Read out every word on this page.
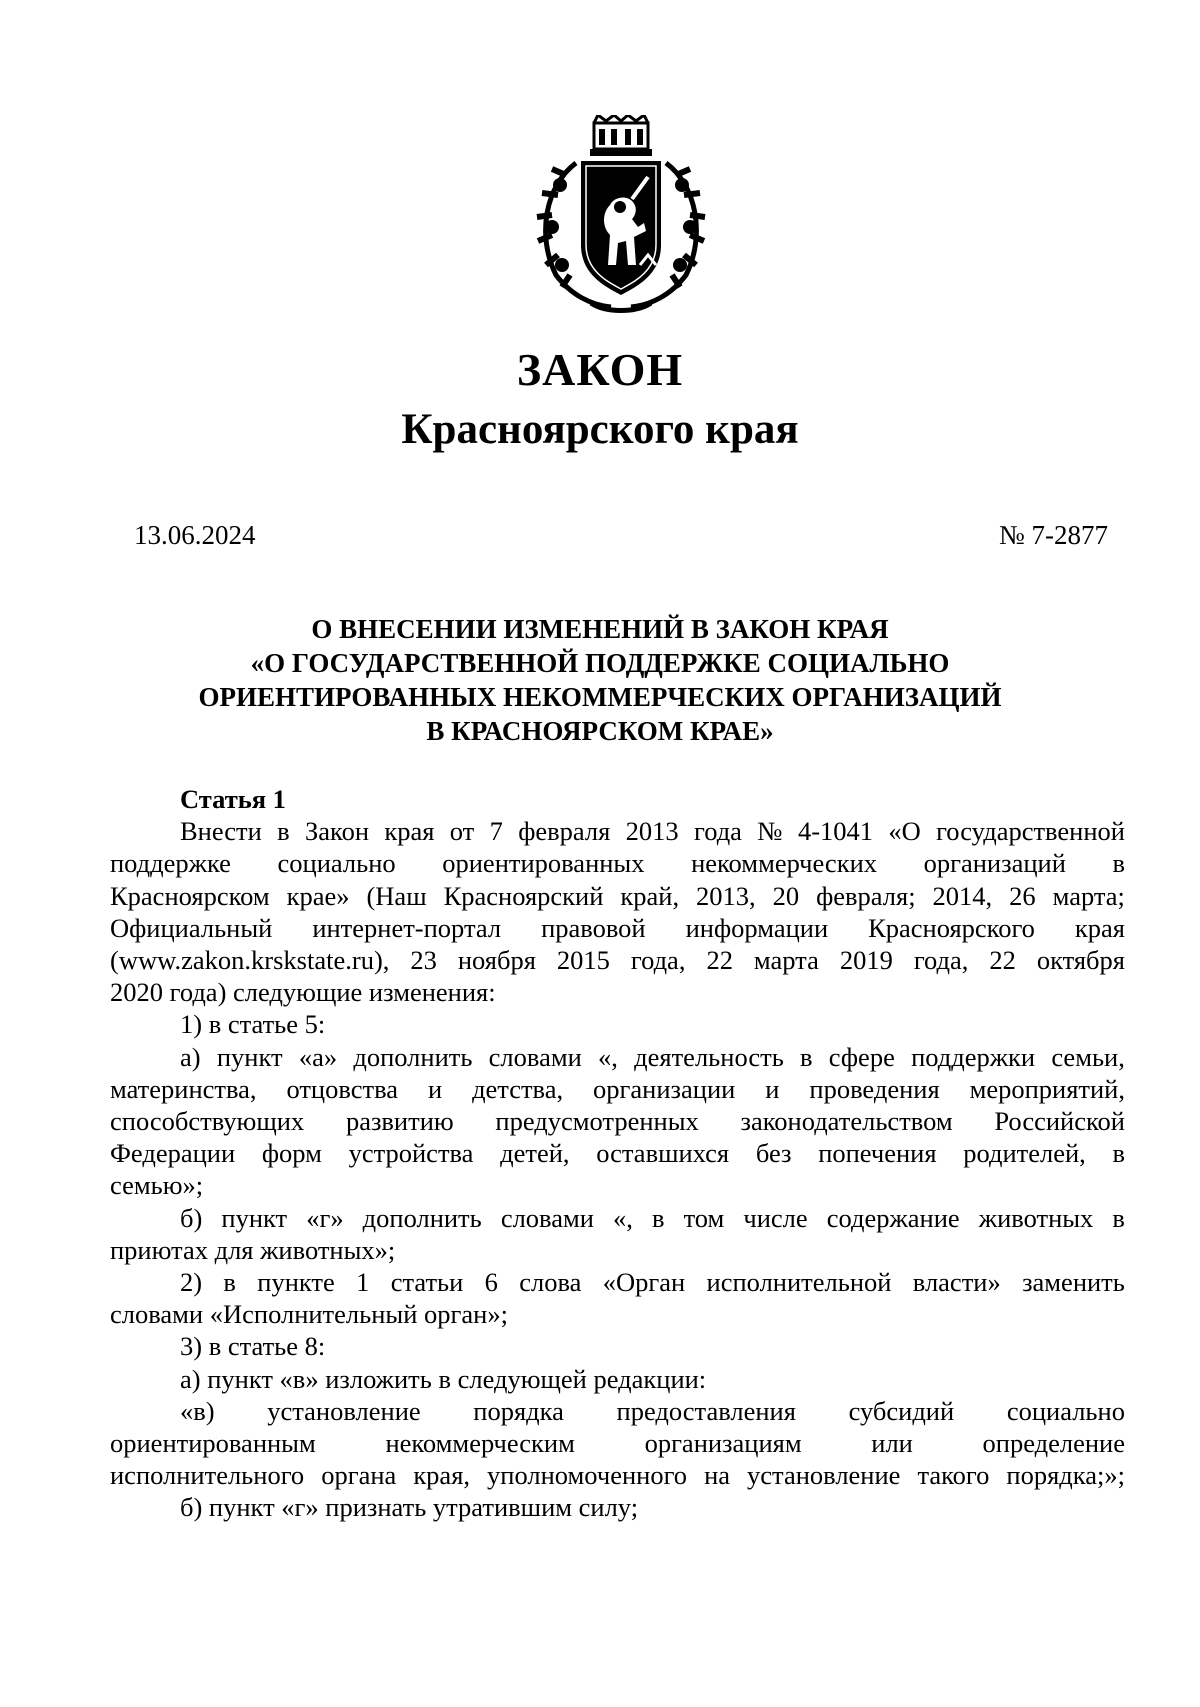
ЗАКОН
Красноярского края
13.06.2024	№ 7-2877
О ВНЕСЕНИИ ИЗМЕНЕНИЙ В ЗАКОН КРАЯ
«О ГОСУДАРСТВЕННОЙ ПОДДЕРЖКЕ СОЦИАЛЬНО
ОРИЕНТИРОВАННЫХ НЕКОММЕРЧЕСКИХ ОРГАНИЗАЦИЙ
В КРАСНОЯРСКОМ КРАЕ»
Статья 1
Внести в Закон края от 7 февраля 2013 года № 4-1041 «О государственной
поддержке социально ориентированных некоммерческих организаций в
Красноярском крае» (Наш Красноярский край, 2013, 20 февраля; 2014, 26 марта;
Официальный интернет-портал правовой информации Красноярского края
(www.zakon.krskstate.ru), 23 ноября 2015 года, 22 марта 2019 года, 22 октября
2020 года) следующие изменения:
1) в статье 5:
а) пункт «а» дополнить словами «, деятельность в сфере поддержки семьи,
материнства, отцовства и детства, организации и проведения мероприятий,
способствующих развитию предусмотренных законодательством Российской
Федерации форм устройства детей, оставшихся без попечения родителей, в
семью»;
б) пункт «г» дополнить словами «, в том числе содержание животных в
приютах для животных»;
2) в пункте 1 статьи 6 слова «Орган исполнительной власти» заменить
словами «Исполнительный орган»;
3) в статье 8:
а) пункт «в» изложить в следующей редакции:
«в) установление порядка предоставления субсидий социально
ориентированным	некоммерческим	организациям	или	определение
исполнительного органа края, уполномоченного на установление такого порядка;»;
б) пункт «г» признать утратившим силу;
